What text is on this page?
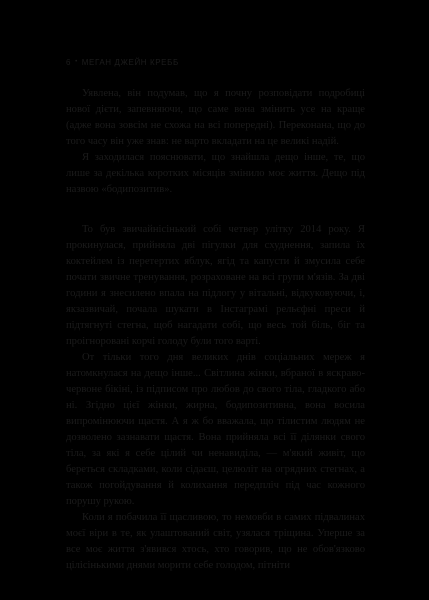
6 • МЕГАН ДЖЕЙН КРЕББ

Уявлена, він подумав, що я почну розповідати подробиці нової дієти, запевняючи, що саме вона змінить усе на краще (адже вона зовсім не схожа на всі попередні). Переконана, що до того часу він уже знав: не варто вкладати на це великі надій.

Я заходилася пояснювати, що знайшла дещо інше, те, що лише за декілька коротких місяців змінило моє життя. Дещо під назвою «бодипозитив».

То був звичайнісінький собі четвер улітку 2014 року. Я прокинулася, прийняла дві пігулки для схуднення, запила їх коктейлем із перетертих яблук, ягід та капусти й змусила себе почати звичне тренування, розраховане на всі групи м'язів. За дві години я знесилено впала на підлогу у вітальні, відкуковуючи, і, якзазвичай, почала шукати в Інстаграмі рельєфні преси й підтягнуті стегна, щоб нагадати собі, що весь той біль, біг та проігноровані корчі голоду були того варті.

От тільки того дня великих днів соціальних мереж я натомкнулася на дещо інше... Світлина жінки, вбраної в яскраво-червоне бікіні, із підписом про любов до свого тіла, гладкого або ні. Згідно цієї жінки, жирна, бодипозитивна, вона восила випромінюючи щастя. А я ж бо вважала, що тілистим людям не дозволено зазнавати щастя. Вона прийняла всі її ділянки свого тіла, за які я себе цілий чи ненавиділа, — м'який живіт, що береться складками, коли сідаєш, целюліт на огрядних стегнах, а також погойдування й колихання передпліч під час кожного порушу рукою.

Коли я побачила її щасливою, то немовби в самих підвалинах моєї віри в те, як улаштований світ, узялася тріщина. Уперше за все моє життя з'явився хтось, хто говорив, що не обов'язково цілісінькими днями морити себе голодом, пітніти
